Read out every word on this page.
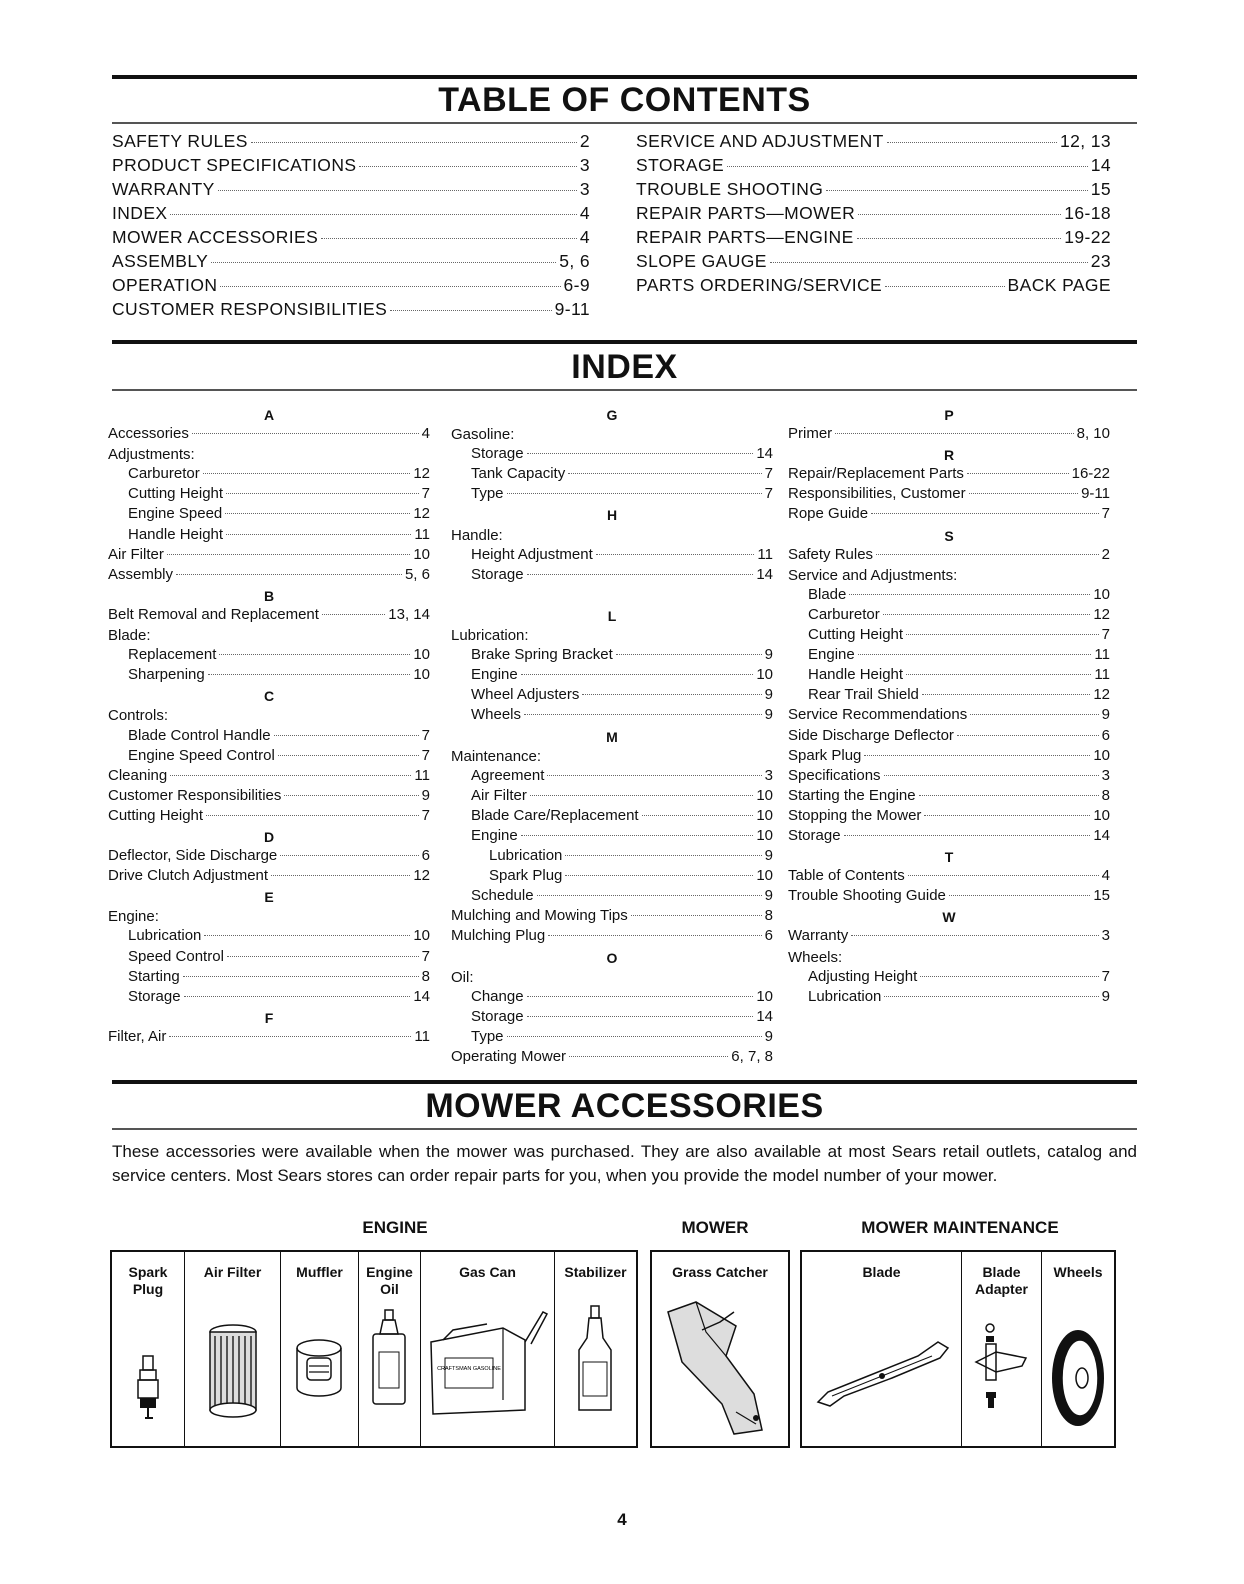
TABLE OF CONTENTS
SAFETY RULES	2
PRODUCT SPECIFICATIONS	3
WARRANTY	3
INDEX	4
MOWER ACCESSORIES	4
ASSEMBLY	5, 6
OPERATION	6-9
CUSTOMER RESPONSIBILITIES	9-11
SERVICE AND ADJUSTMENT	12, 13
STORAGE	14
TROUBLE SHOOTING	15
REPAIR PARTS—MOWER	16-18
REPAIR PARTS—ENGINE	19-22
SLOPE GAUGE	23
PARTS ORDERING/SERVICE	BACK PAGE
INDEX
A
Accessories	4
Adjustments:
Carburetor	12
Cutting Height	7
Engine Speed	12
Handle Height	11
Air Filter	10
Assembly	5, 6
B
Belt Removal and Replacement	13, 14
Blade:
Replacement	10
Sharpening	10
C
Controls:
Blade Control Handle	7
Engine Speed Control	7
Cleaning	11
Customer Responsibilities	9
Cutting Height	7
D
Deflector, Side Discharge	6
Drive Clutch Adjustment	12
E
Engine:
Lubrication	10
Speed Control	7
Starting	8
Storage	14
F
Filter, Air	11
G
Gasoline:
Storage	14
Tank Capacity	7
Type	7
H
Handle:
Height Adjustment	11
Storage	14
L
Lubrication:
Brake Spring Bracket	9
Engine	10
Wheel Adjusters	9
Wheels	9
M
Maintenance:
Agreement	3
Air Filter	10
Blade Care/Replacement	10
Engine	10
Lubrication	9
Spark Plug	10
Schedule	9
Mulching and Mowing Tips	8
Mulching Plug	6
O
Oil:
Change	10
Storage	14
Type	9
Operating Mower	6, 7, 8
P
Primer	8, 10
R
Repair/Replacement Parts	16-22
Responsibilities, Customer	9-11
Rope Guide	7
S
Safety Rules	2
Service and Adjustments:
Blade	10
Carburetor	12
Cutting Height	7
Engine	11
Handle Height	11
Rear Trail Shield	12
Service Recommendations	9
Side Discharge Deflector	6
Spark Plug	10
Specifications	3
Starting the Engine	8
Stopping the Mower	10
Storage	14
T
Table of Contents	4
Trouble Shooting Guide	15
W
Warranty	3
Wheels:
Adjusting Height	7
Lubrication	9
MOWER ACCESSORIES
These accessories were available when the mower was purchased. They are also available at most Sears retail outlets, catalog and service centers. Most Sears stores can order repair parts for you, when you provide the model number of your mower.
ENGINE	MOWER	MOWER MAINTENANCE
Spark
Plug
Air Filter	Muffler	Engine
Oil
Gas Can
CRAFTSMAN GASOLINE
Stabilizer	Grass Catcher	Blade	Blade
Adapter
Wheels
4
